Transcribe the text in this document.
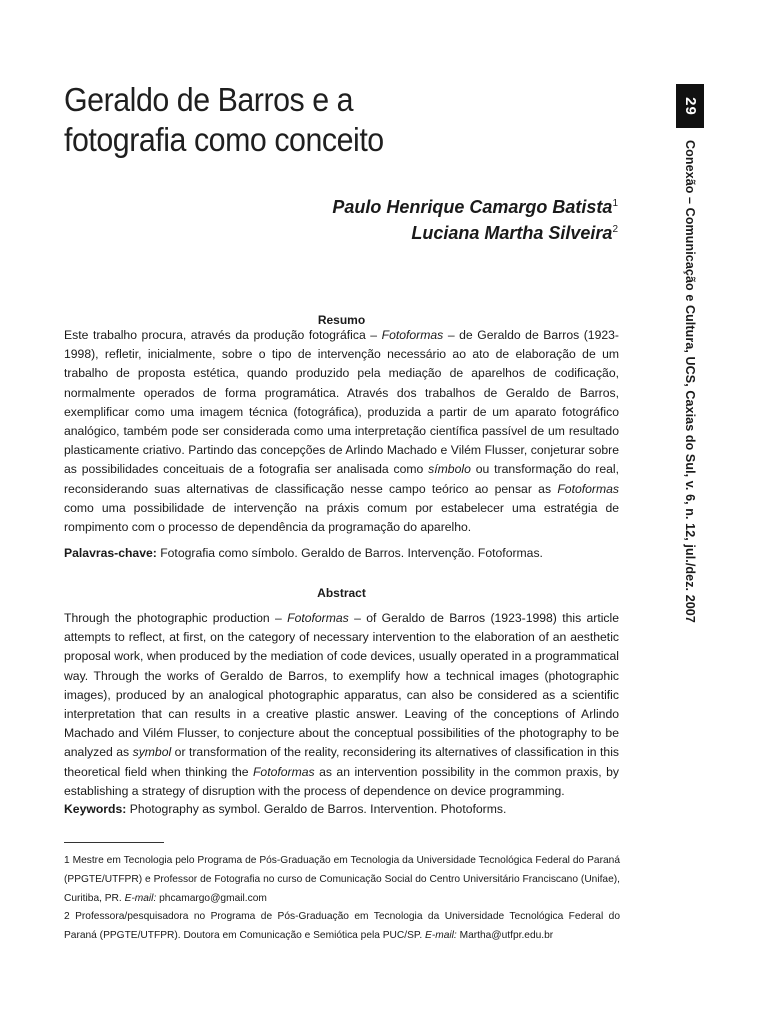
Geraldo de Barros e a
fotografia como conceito
Paulo Henrique Camargo Batista$^1$
Luciana Martha Silveira$^2$
29
Conexão – Comunicação e Cultura, UCS, Caxias do Sul, v. 6, n. 12, jul./dez. 2007
Resumo

Este trabalho procura, através da produção fotográfica – Fotoformas – de Geraldo de Barros (1923-1998), refletir, inicialmente, sobre o tipo de intervenção necessário ao ato de elaboração de um trabalho de proposta estética, quando produzido pela mediação de aparelhos de codificação, normalmente operados de forma programática. Através dos trabalhos de Geraldo de Barros, exemplificar como uma imagem técnica (fotográfica), produzida a partir de um aparato fotográfico analógico, também pode ser considerada como uma interpretação científica passível de um resultado plasticamente criativo. Partindo das concepções de Arlindo Machado e Vilém Flusser, conjeturar sobre as possibilidades conceituais de a fotografia ser analisada como símbolo ou transformação do real, reconsiderando suas alternativas de classificação nesse campo teórico ao pensar as Fotoformas como uma possibilidade de intervenção na práxis comum por estabelecer uma estratégia de rompimento com o processo de dependência da programação do aparelho.

Palavras-chave: Fotografia como símbolo. Geraldo de Barros. Intervenção. Fotoformas.

Abstract

Through the photographic production – Fotoformas – of Geraldo de Barros (1923-1998) this article attempts to reflect, at first, on the category of necessary intervention to the elaboration of an aesthetic proposal work, when produced by the mediation of code devices, usually operated in a programmatical way. Through the works of Geraldo de Barros, to exemplify how a technical images (photographic images), produced by an analogical photographic apparatus, can also be considered as a scientific interpretation that can results in a creative plastic answer. Leaving of the conceptions of Arlindo Machado and Vilém Flusser, to conjecture about the conceptual possibilities of the photography to be analyzed as symbol or transformation of the reality, reconsidering its alternatives of classification in this theoretical field when thinking the Fotoformas as an intervention possibility in the common praxis, by establishing a strategy of disruption with the process of dependence on device programming.

Keywords: Photography as symbol. Geraldo de Barros. Intervention. Photoforms.

1 Mestre em Tecnologia pelo Programa de Pós-Graduação em Tecnologia da Universidade Tecnológica Federal do Paraná (PPGTE/UTFPR) e Professor de Fotografia no curso de Comunicação Social do Centro Universitário Franciscano (Unifae), Curitiba, PR. E-mail: phcamargo@gmail.com

2 Professora/pesquisadora no Programa de Pós-Graduação em Tecnologia da Universidade Tecnológica Federal do Paraná (PPGTE/UTFPR). Doutora em Comunicação e Semiótica pela PUC/SP. E-mail: Martha@utfpr.edu.br
